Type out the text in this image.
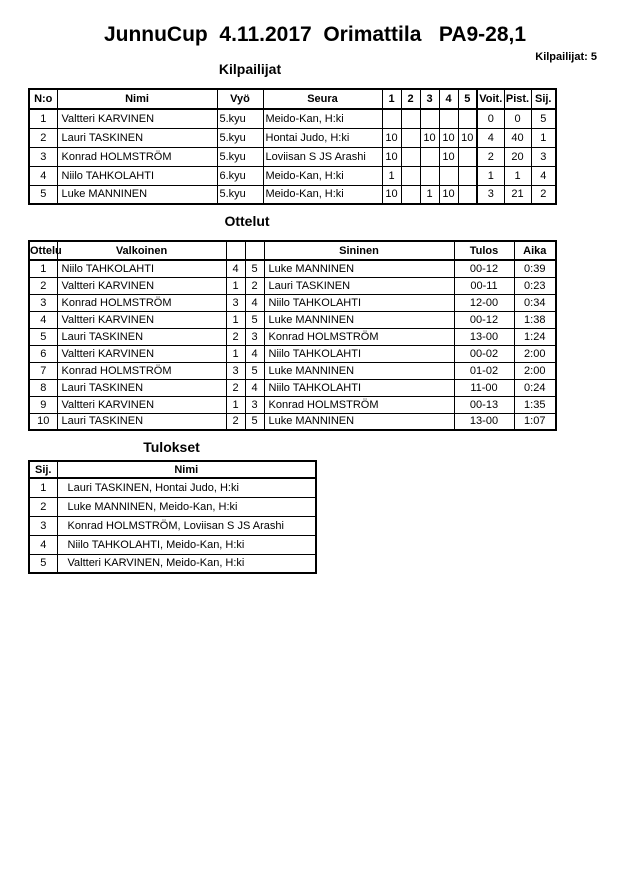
JunnuCup  4.11.2017  Orimattila   PA9-28,1
Kilpailijat: 5
Kilpailijat
N:o	Nimi	Vyö	Seura	1	2	3	4	5	Voit.	Pist.	Sij.
1	Valtteri KARVINEN	5.kyu	Meido-Kan, H:ki						0	0	5
2	Lauri TASKINEN	5.kyu	Hontai Judo, H:ki	10		10	10	10	4	40	1
3	Konrad HOLMSTRÖM	5.kyu	Loviisan S JS Arashi	10			10		2	20	3
4	Niilo TAHKOLAHTI	6.kyu	Meido-Kan, H:ki	1					1	1	4
5	Luke MANNINEN	5.kyu	Meido-Kan, H:ki	10		1	10		3	21	2
Ottelut
Ottelu	Valkoinen			Sininen	Tulos	Aika
1	Niilo TAHKOLAHTI	4	5	Luke MANNINEN	00-12	0:39
2	Valtteri KARVINEN	1	2	Lauri TASKINEN	00-11	0:23
3	Konrad HOLMSTRÖM	3	4	Niilo TAHKOLAHTI	12-00	0:34
4	Valtteri KARVINEN	1	5	Luke MANNINEN	00-12	1:38
5	Lauri TASKINEN	2	3	Konrad HOLMSTRÖM	13-00	1:24
6	Valtteri KARVINEN	1	4	Niilo TAHKOLAHTI	00-02	2:00
7	Konrad HOLMSTRÖM	3	5	Luke MANNINEN	01-02	2:00
8	Lauri TASKINEN	2	4	Niilo TAHKOLAHTI	11-00	0:24
9	Valtteri KARVINEN	1	3	Konrad HOLMSTRÖM	00-13	1:35
10	Lauri TASKINEN	2	5	Luke MANNINEN	13-00	1:07
Tulokset
Sij.	Nimi
1	Lauri TASKINEN, Hontai Judo, H:ki
2	Luke MANNINEN, Meido-Kan, H:ki
3	Konrad HOLMSTRÖM, Loviisan S JS Arashi
4	Niilo TAHKOLAHTI, Meido-Kan, H:ki
5	Valtteri KARVINEN, Meido-Kan, H:ki
